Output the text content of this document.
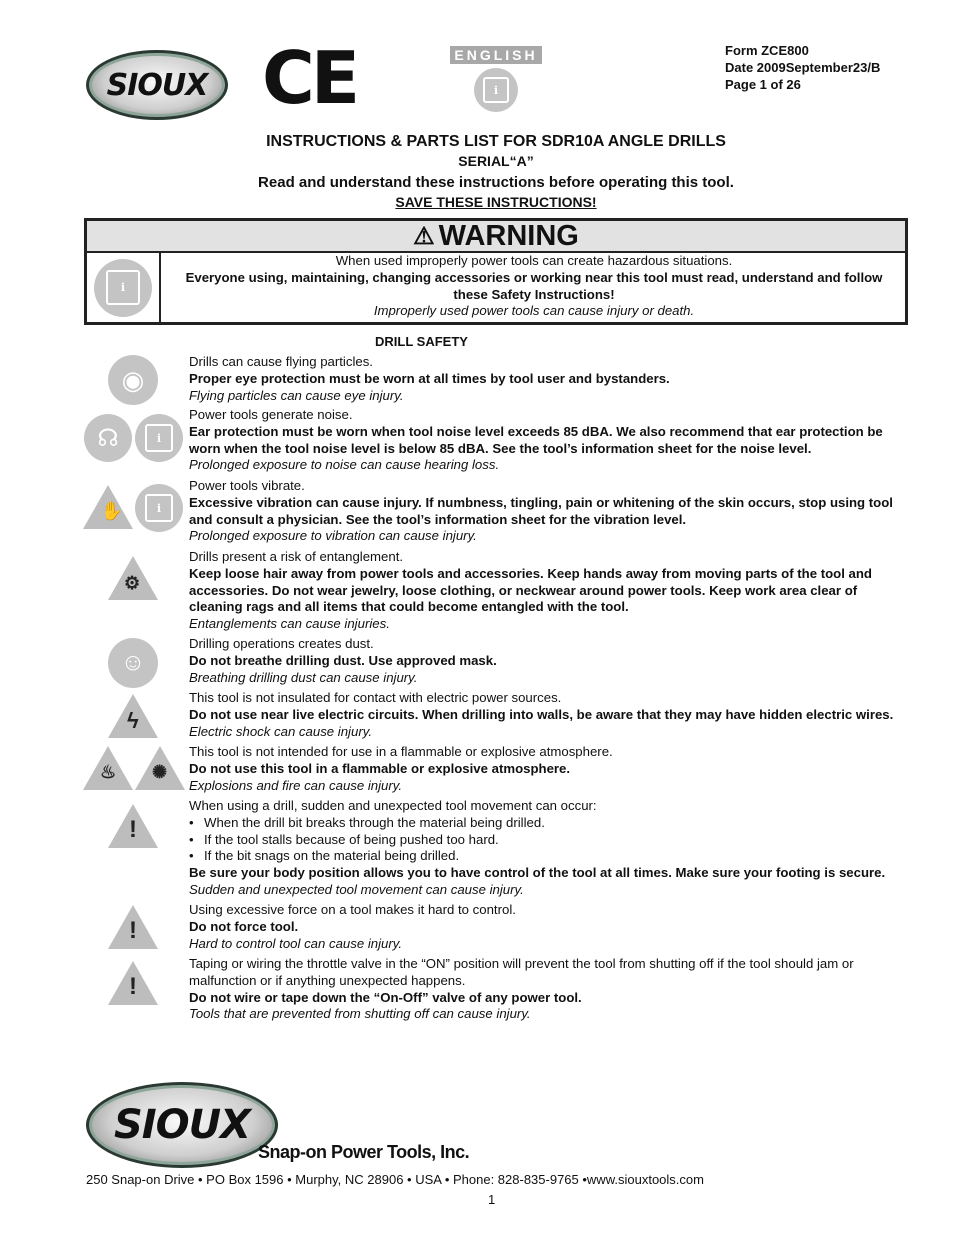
SIOUX CE	ENGLISH
i	Form ZCE800
Date 2009September23/B
Page 1 of 26
INSTRUCTIONS & PARTS LIST FOR SDR10A ANGLE DRILLS
SERIAL“A”
Read and understand these instructions before operating this tool.
SAVE THESE INSTRUCTIONS!
⚠ WARNING
i
When used improperly power tools can create hazardous situations.
Everyone using, maintaining, changing accessories or working near this tool must read, understand and follow these Safety Instructions!
Improperly used power tools can cause injury or death.
DRILL SAFETY
◉
☊
i
✋
i
⚙
☺
ϟ
♨ ✺
!
!
!
Drills can cause flying particles.
Proper eye protection must be worn at all times by tool user and bystanders.
Flying particles can cause eye injury.
Power tools generate noise.
Ear protection must be worn when tool noise level exceeds 85 dBA. We also recommend that ear protection be worn when the tool noise level is below 85 dBA. See the tool’s information sheet for the noise level.
Prolonged exposure to noise can cause hearing loss.
Power tools vibrate.
Excessive vibration can cause injury. If numbness, tingling, pain or whitening of the skin occurs, stop using tool and consult a physician. See the tool’s information sheet for the vibration level.
Prolonged exposure to vibration can cause injury.
Drills present a risk of entanglement.
Keep loose hair away from power tools and accessories. Keep hands away from moving parts of the tool and accessories. Do not wear jewelry, loose clothing, or neckwear around power tools. Keep work area clear of cleaning rags and all items that could become entangled with the tool.
Entanglements can cause injuries.
Drilling operations creates dust.
Do not breathe drilling dust. Use approved mask.
Breathing drilling dust can cause injury.
This tool is not insulated for contact with electric power sources.
Do not use near live electric circuits. When drilling into walls, be aware that they may have hidden electric wires.
Electric shock can cause injury.
This tool is not intended for use in a flammable or explosive atmosphere.
Do not use this tool in a flammable or explosive atmosphere.
Explosions and fire can cause injury.
When using a drill, sudden and unexpected tool movement can occur:
• When the drill bit breaks through the material being drilled.
• If the tool stalls because of being pushed too hard.
• If the bit snags on the material being drilled.
Be sure your body position allows you to have control of the tool at all times. Make sure your footing is secure.
Sudden and unexpected tool movement can cause injury.
Using excessive force on a tool makes it hard to control.
Do not force tool.
Hard to control tool can cause injury.
Taping or wiring the throttle valve in the “ON” position will prevent the tool from shutting off if the tool should jam or malfunction or if anything unexpected happens.
Do not wire or tape down the “On-Off” valve of any power tool.
Tools that are prevented from shutting off can cause injury.
SIOUX
Snap-on Power Tools, Inc.
250 Snap-on Drive • PO Box 1596 • Murphy, NC 28906 • USA • Phone: 828-835-9765 •www.siouxtools.com
1
